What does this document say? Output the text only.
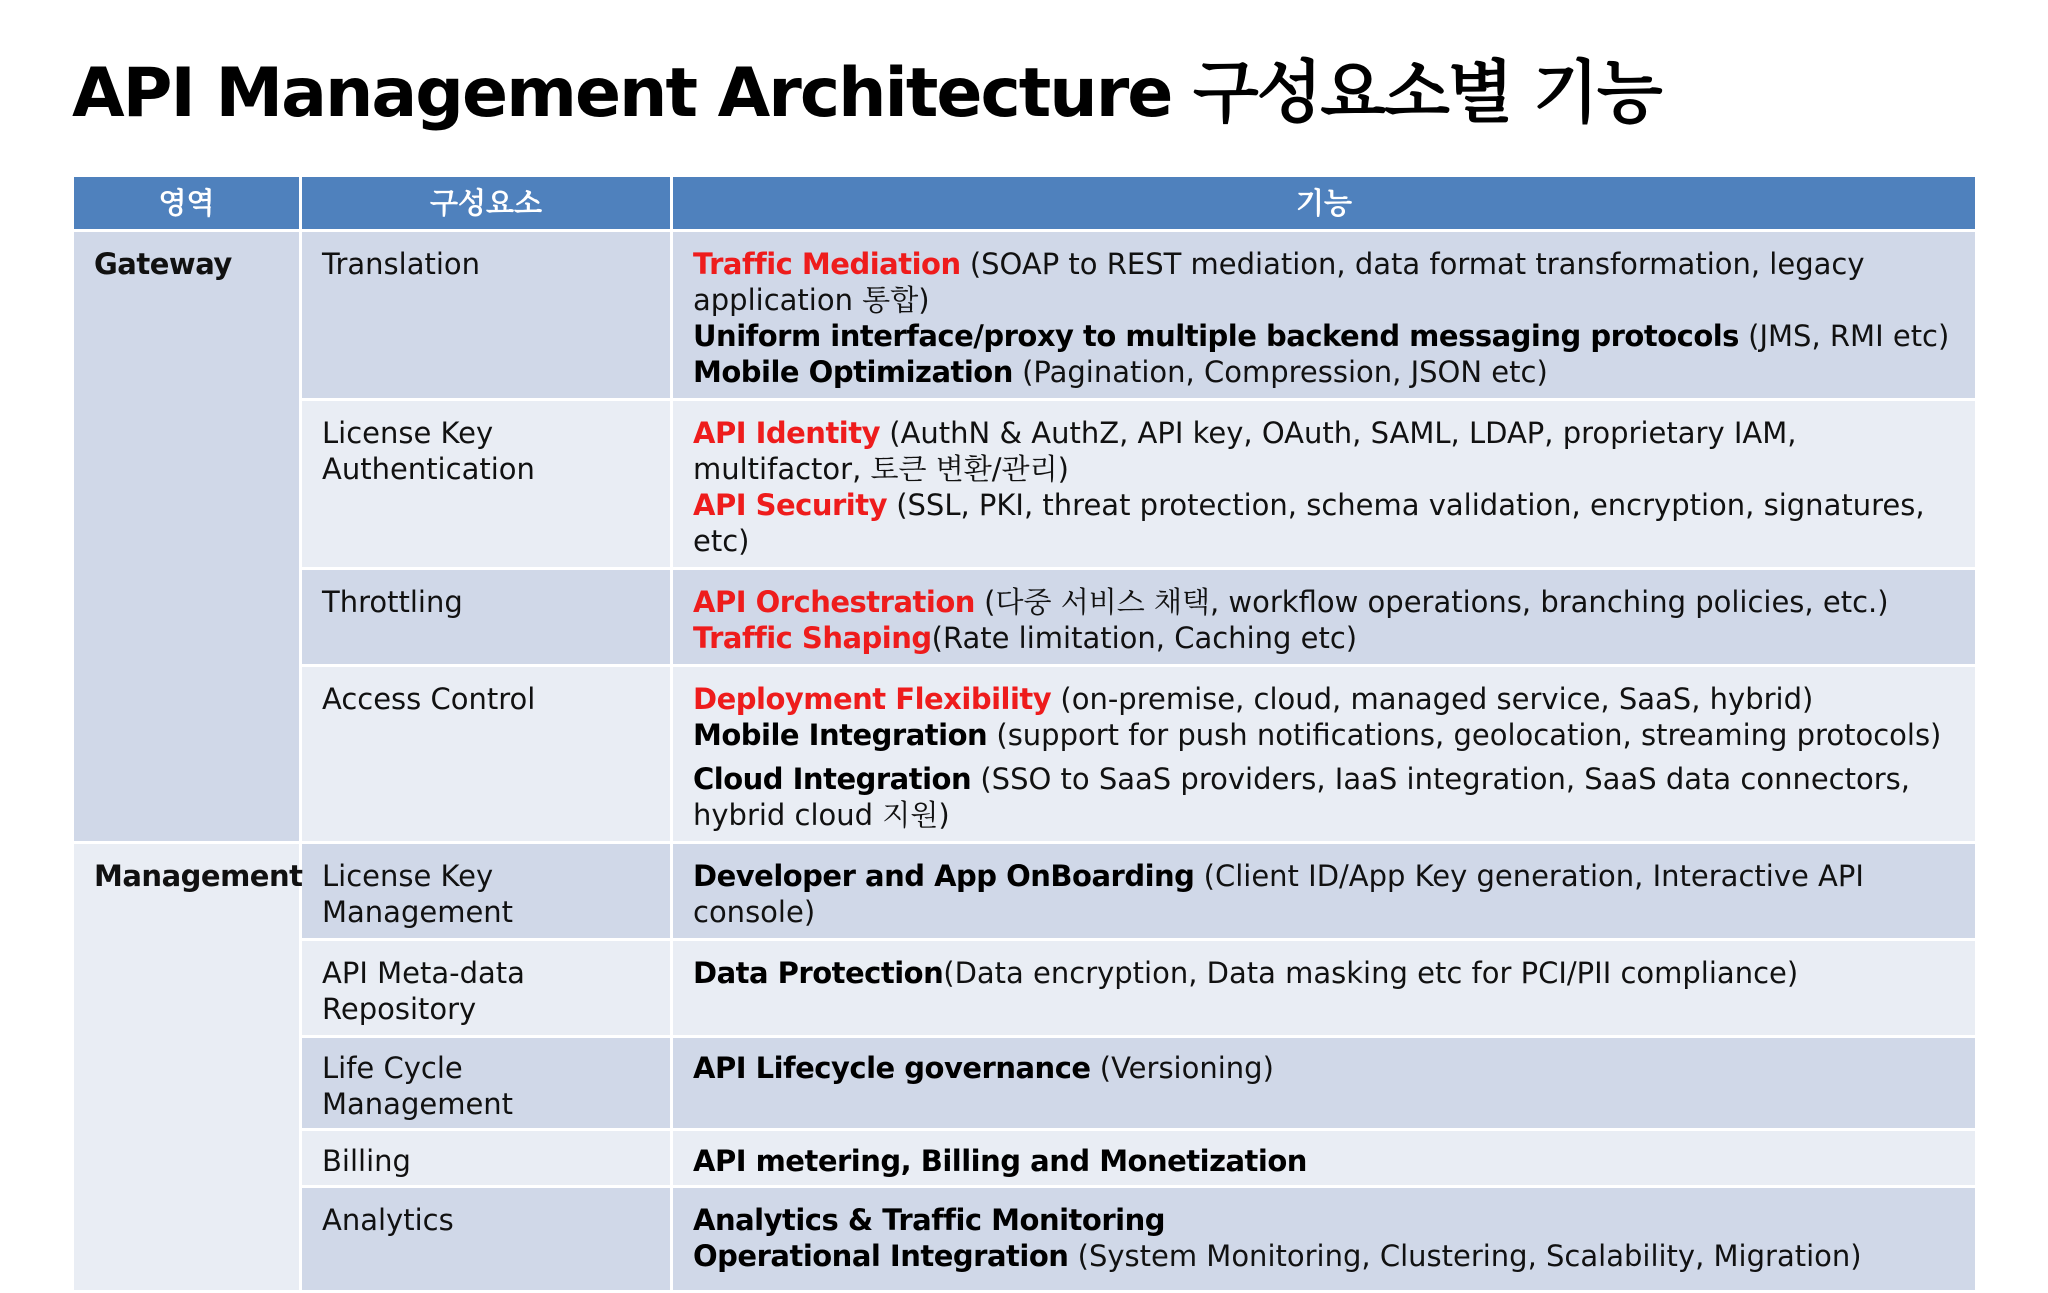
API Management Architecture 구성요소별 기능
영역	구성요소	기능
Gateway	Translation	Traffic Mediation (SOAP to REST mediation, data format transformation, legacy application 통합)
Uniform interface/proxy to multiple backend messaging protocols (JMS, RMI etc)
Mobile Optimization (Pagination, Compression, JSON etc)

	License Key Authentication	API Identity (AuthN & AuthZ, API key, OAuth, SAML, LDAP, proprietary IAM, multifactor, 토큰 변환/관리)
API Security (SSL, PKI, threat protection, schema validation, encryption, signatures, etc)

	Throttling	API Orchestration (다중 서비스 채택, workflow operations, branching policies, etc.)
Traffic Shaping(Rate limitation, Caching etc)

	Access Control	Deployment Flexibility (on-premise, cloud, managed service, SaaS, hybrid)
Mobile Integration (support for push notifications, geolocation, streaming protocols)
Cloud Integration (SSO to SaaS providers, IaaS integration, SaaS data connectors, hybrid cloud 지원)

Management	License Key Management	Developer and App OnBoarding (Client ID/App Key generation, Interactive API console)

	API Meta-data Repository	Data Protection(Data encryption, Data masking etc for PCI/PII compliance)

	Life Cycle Management	API Lifecycle governance (Versioning)

	Billing	API metering, Billing and Monetization

	Analytics	Analytics & Traffic Monitoring
Operational Integration (System Monitoring, Clustering, Scalability, Migration)
